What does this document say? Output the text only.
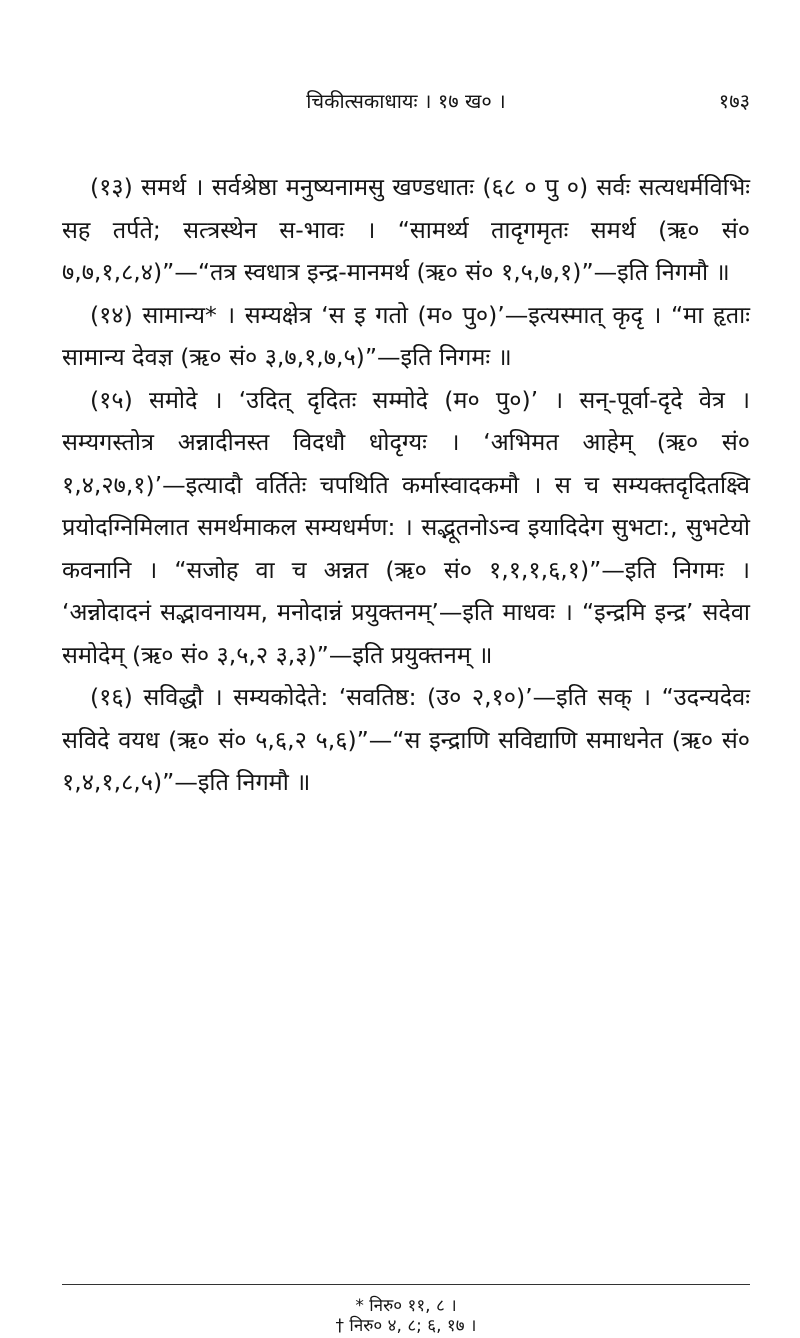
चिकीत्सकाधायः । १७ ख० ।	१७३

(१३) समर्थ । सर्वश्रेष्ठा मनुष्यनामसु खण्डधातः (६८ ० पु ०) सर्वः सत्यधर्मविभिः सह तर्पते; सत्त्रस्थेन स-भावः । “सामर्थ्य तादृगमृतः समर्थ (ऋ० सं० ७,७,१,८,४)”—“तत्र स्वधात्र इन्द्र-मानमर्थ (ऋ० सं० १,५,७,१)”—इति निगमौ ॥

(१४) सामान्य* । सम्यक्षेत्र ‘स इ गतो (म० पु०)’—इत्यस्मात् कृदृ । “मा हृताः सामान्य देवज्ञ (ऋ० सं० ३,७,१,७,५)”—इति निगमः ॥

(१५) समोदे । ‘उदित् दृदितः सम्मोदे (म० पु०)’ । सन्-पूर्वा-दृदे वेत्र । सम्यगस्तोत्र अन्नादीनस्त विदधौ धोदृग्यः । ‘अभिमत आहेम् (ऋ० सं० १,४,२७,१)’—इत्यादौ वर्तितेः चपथिति कर्मास्वादकमौ । स च सम्यक्तदृदितक्ष्वि प्रयोदग्निमिलात समर्थमाकल सम्यधर्मण: । सद्भूतनोऽन्व इयादिदेग सुभटा:, सुभटेयो कवनानि । “सजोह वा च अन्नत (ऋ० सं० १,१,१,६,१)”—इति निगमः । ‘अन्नोदादनं सद्भावनायम, मनोदान्नं प्रयुक्तनम्’—इति माधवः । “इन्द्रमि इन्द्र’ सदेवा समोदेम् (ऋ० सं० ३,५,२ ३,३)”—इति प्रयुक्तनम् ॥

(१६) सविद्धौ । सम्यकोदेते: ‘सवतिष्ठ: (उ० २,१०)’—इति सक् । “उदन्यदेवः सविदे वयध (ऋ० सं० ५,६,२ ५,६)”—“स इन्द्राणि सविद्याणि समाधनेत (ऋ० सं० १,४,१,८,५)”—इति निगमौ ॥

* निरु० ११, ८ ।
† निरु० ४, ८; ६, १७ ।
